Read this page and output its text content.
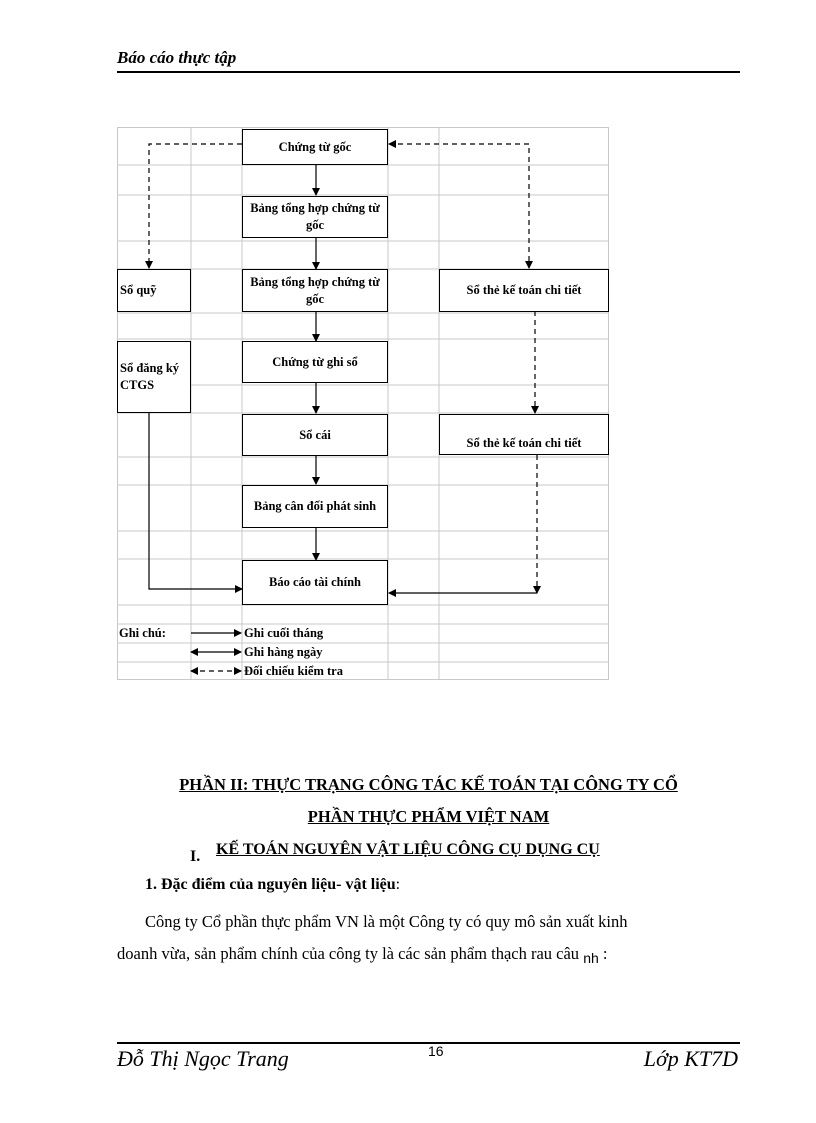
Báo cáo thực tập
Chứng từ gốc
Bảng tổng hợp chứng từ gốc
Bảng tổng hợp chứng từ gốc
Sổ quỹ	Sổ thẻ kế toán chi tiết
Sổ đăng ký CTGS
Chứng từ ghi sổ
Sổ cái
Sổ thẻ kế toán chi tiết
Bảng cân đối phát sinh
Báo cáo tài chính
Ghi chú:	Ghi cuối tháng
Ghi hàng ngày
Đối chiếu kiểm tra
PHẦN II: THỰC TRẠNG CÔNG TÁC KẾ TOÁN TẠI CÔNG TY CỔ
PHẦN THỰC PHẨM VIỆT NAM
I. KẾ TOÁN NGUYÊN VẬT LIỆU CÔNG CỤ DỤNG CỤ
1. Đặc điểm của nguyên liệu- vật liệu:
Công ty Cổ phần thực phẩm VN là một Công ty có quy mô sản xuất kinh
doanh vừa, sản phẩm chính của công ty là các sản phẩm thạch rau câu $_{nh}$ :
16
Đỗ Thị Ngọc Trang	Lớp KT7D
